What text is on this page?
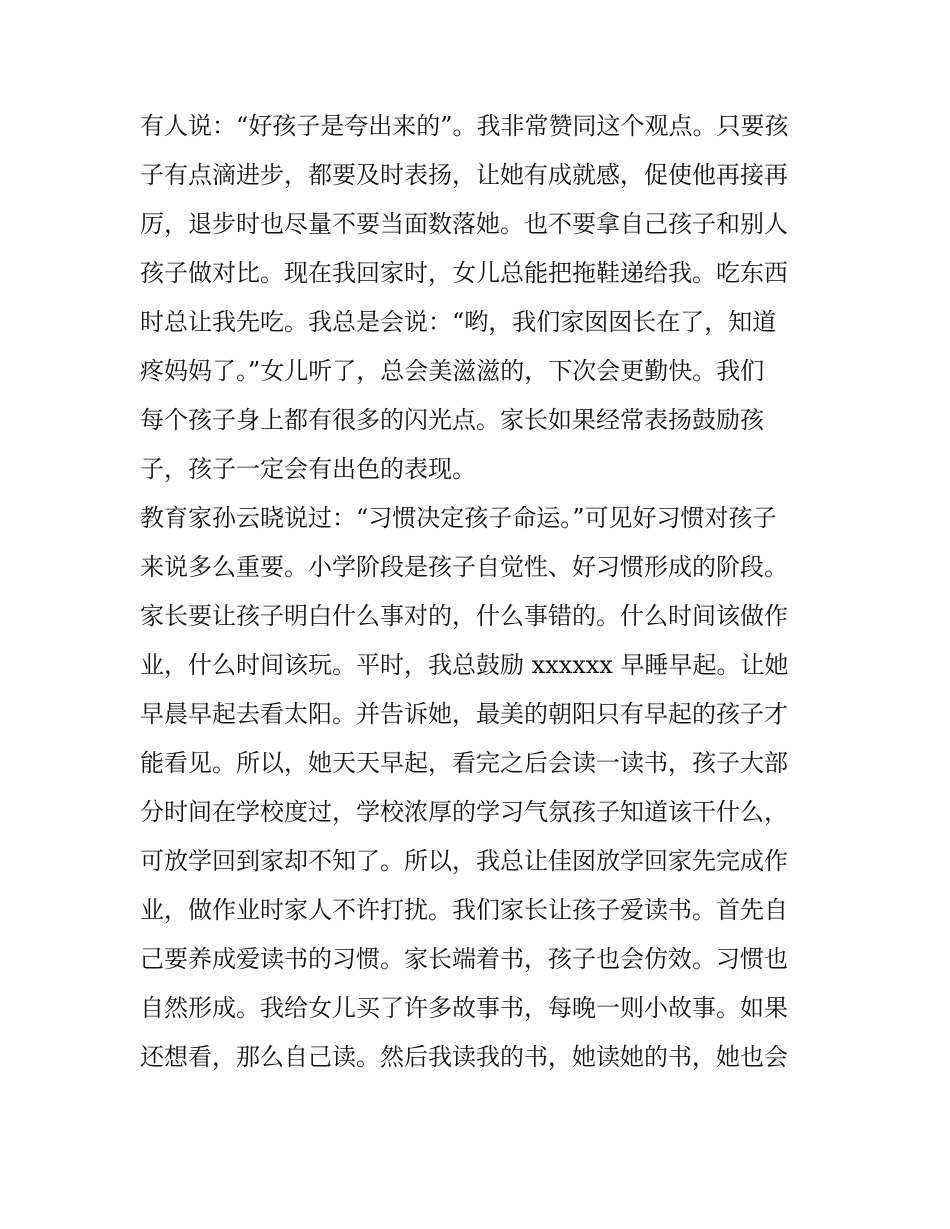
有人说：“好孩子是夸出来的”。我非常赞同这个观点。只要孩
子有点滴进步，都要及时表扬，让她有成就感，促使他再接再
厉，退步时也尽量不要当面数落她。也不要拿自己孩子和别人
孩子做对比。现在我回家时，女儿总能把拖鞋递给我。吃东西
时总让我先吃。我总是会说：“哟，我们家囡囡长在了，知道
疼妈妈了。”女儿听了，总会美滋滋的，下次会更勤快。我们
每个孩子身上都有很多的闪光点。家长如果经常表扬鼓励孩
子，孩子一定会有出色的表现。
教育家孙云晓说过：“习惯决定孩子命运。”可见好习惯对孩子
来说多么重要。小学阶段是孩子自觉性、好习惯形成的阶段。
家长要让孩子明白什么事对的，什么事错的。什么时间该做作
业，什么时间该玩。平时，我总鼓励 xxxxxx 早睡早起。让她
早晨早起去看太阳。并告诉她，最美的朝阳只有早起的孩子才
能看见。所以，她天天早起，看完之后会读一读书，孩子大部
分时间在学校度过，学校浓厚的学习气氛孩子知道该干什么，
可放学回到家却不知了。所以，我总让佳囡放学回家先完成作
业，做作业时家人不许打扰。我们家长让孩子爱读书。首先自
己要养成爱读书的习惯。家长端着书，孩子也会仿效。习惯也
自然形成。我给女儿买了许多故事书，每晚一则小故事。如果
还想看，那么自己读。然后我读我的书，她读她的书，她也会
